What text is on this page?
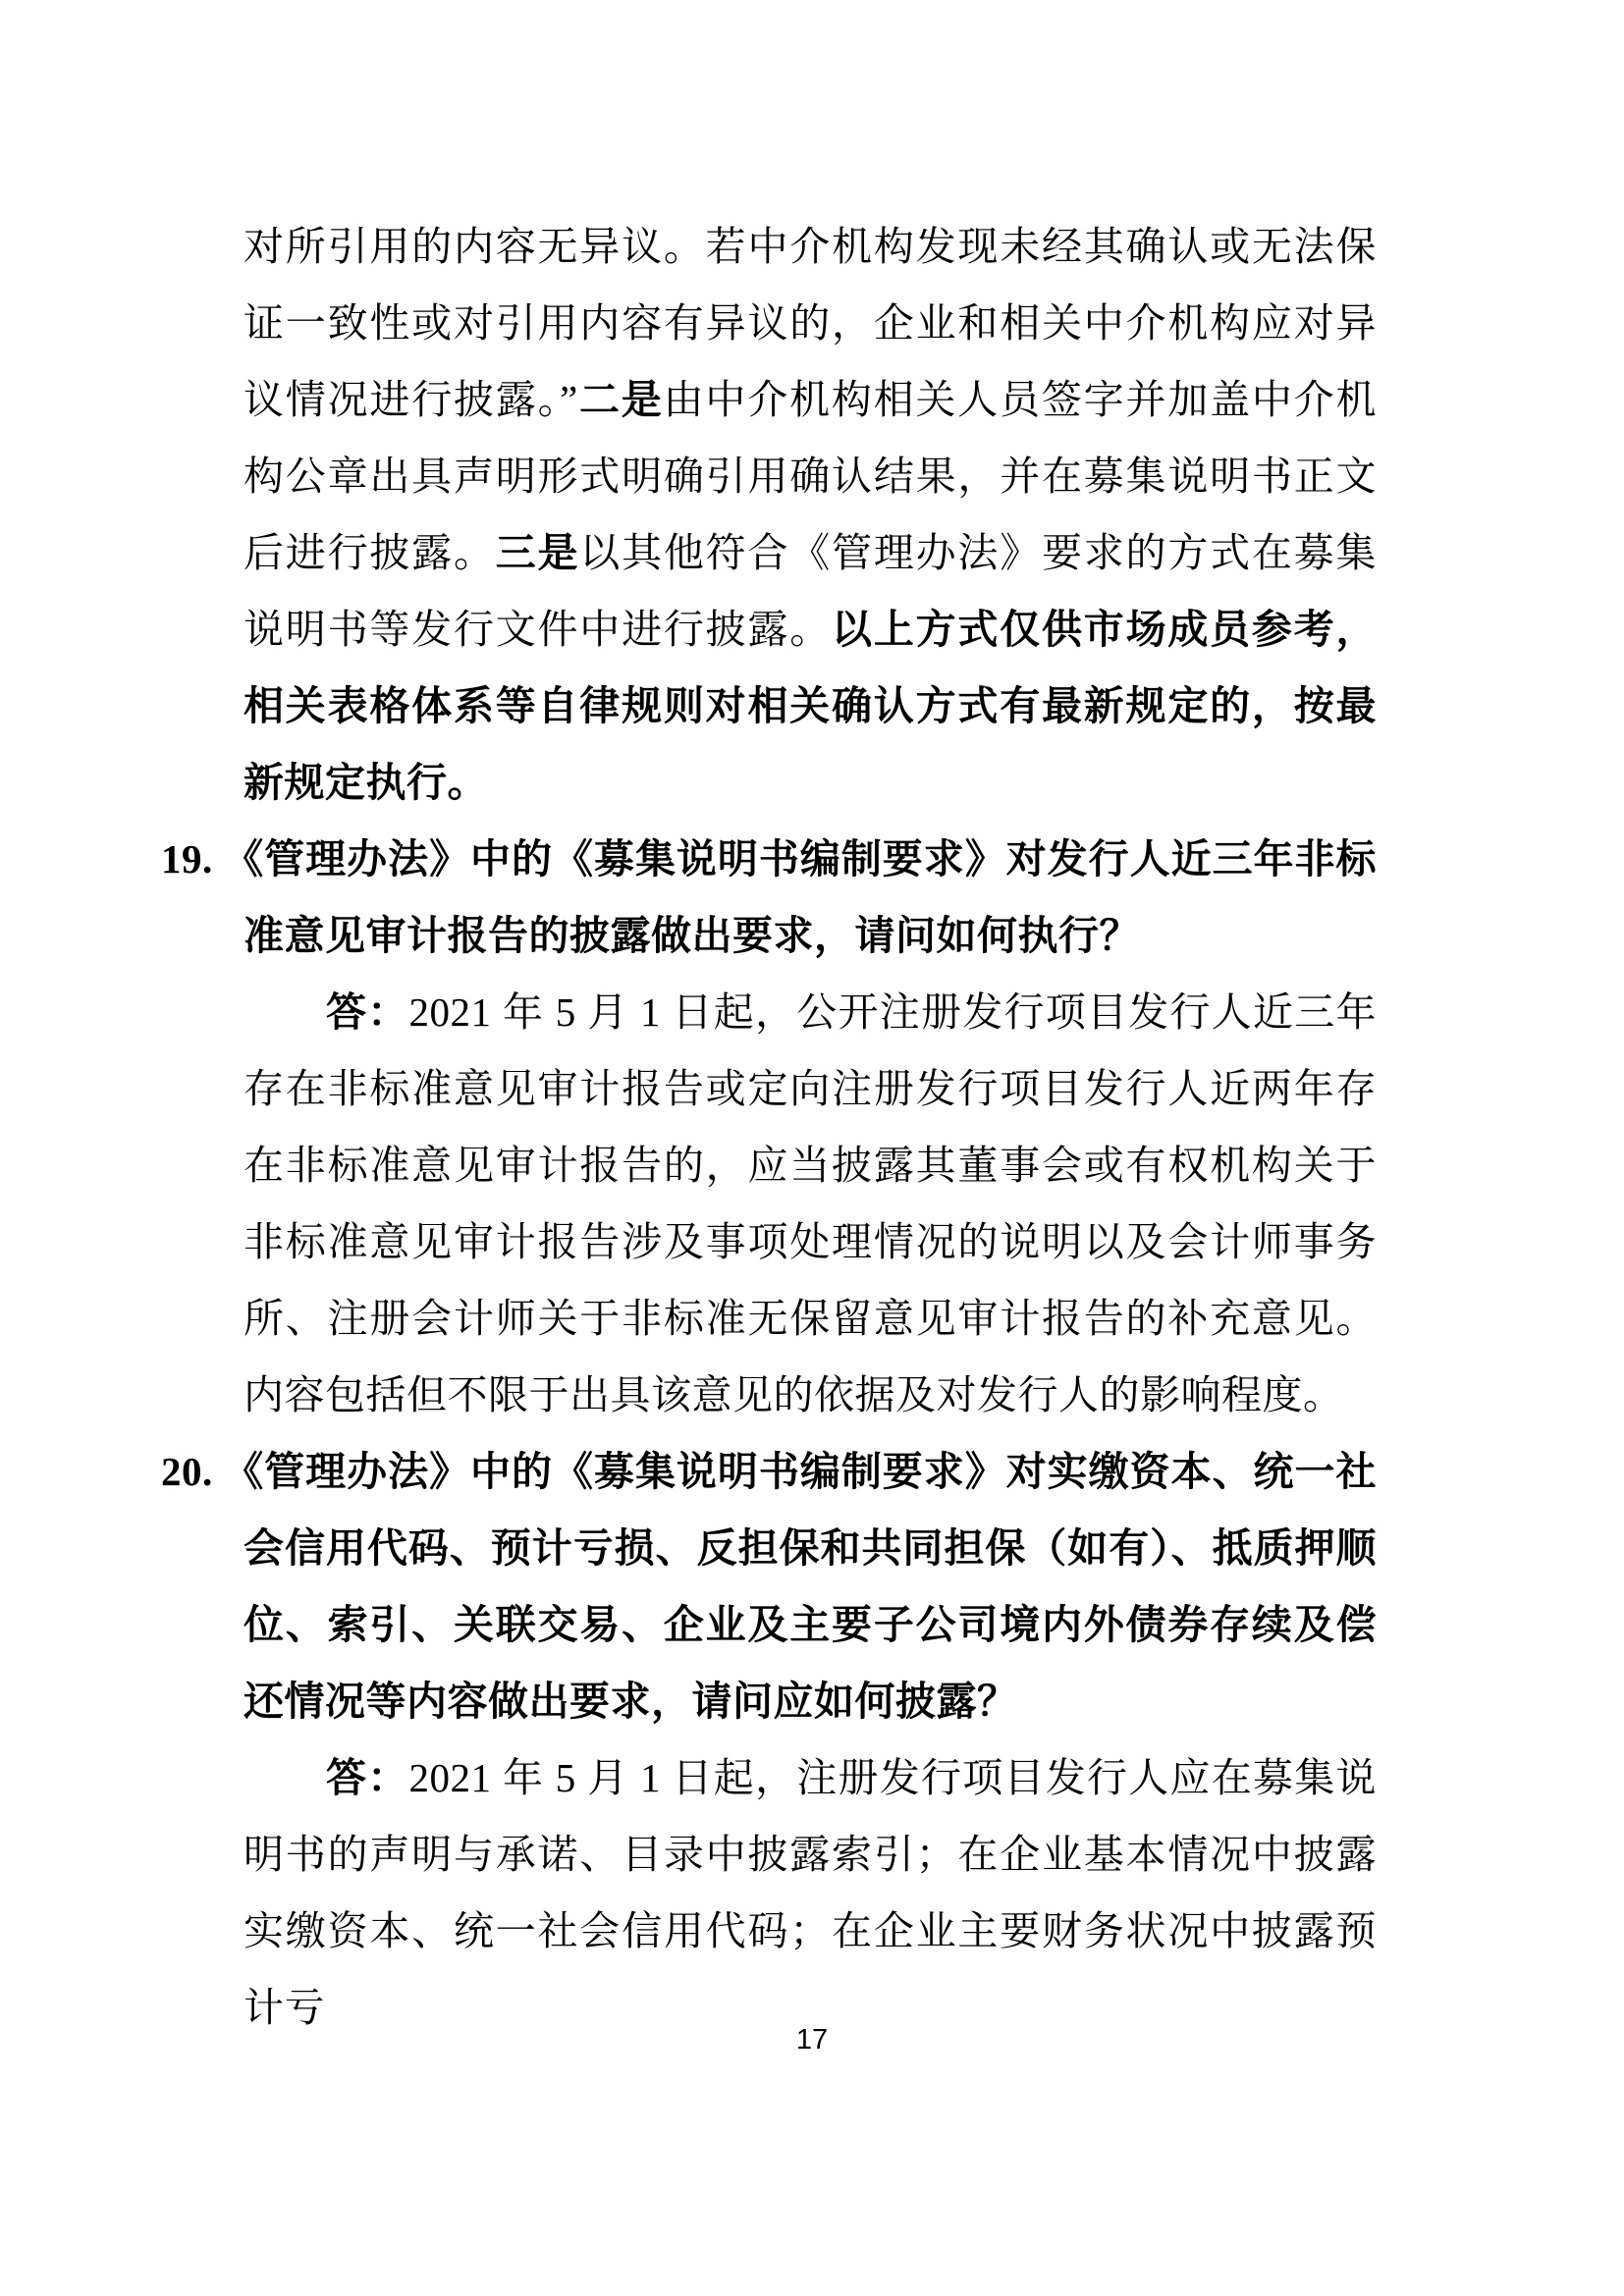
对所引用的内容无异议。若中介机构发现未经其确认或无法保证一致性或对引用内容有异议的，企业和相关中介机构应对异议情况进行披露。”二是由中介机构相关人员签字并加盖中介机构公章出具声明形式明确引用确认结果，并在募集说明书正文后进行披露。三是以其他符合《管理办法》要求的方式在募集说明书等发行文件中进行披露。以上方式仅供市场成员参考，相关表格体系等自律规则对相关确认方式有最新规定的，按最新规定执行。

19. 《管理办法》中的《募集说明书编制要求》对发行人近三年非标准意见审计报告的披露做出要求，请问如何执行？

答：2021 年 5 月 1 日起，公开注册发行项目发行人近三年存在非标准意见审计报告或定向注册发行项目发行人近两年存在非标准意见审计报告的，应当披露其董事会或有权机构关于非标准意见审计报告涉及事项处理情况的说明以及会计师事务所、注册会计师关于非标准无保留意见审计报告的补充意见。内容包括但不限于出具该意见的依据及对发行人的影响程度。

20. 《管理办法》中的《募集说明书编制要求》对实缴资本、统一社会信用代码、预计亏损、反担保和共同担保（如有）、抵质押顺位、索引、关联交易、企业及主要子公司境内外债券存续及偿还情况等内容做出要求，请问应如何披露？

答：2021 年 5 月 1 日起，注册发行项目发行人应在募集说明书的声明与承诺、目录中披露索引；在企业基本情况中披露实缴资本、统一社会信用代码；在企业主要财务状况中披露预计亏

17
